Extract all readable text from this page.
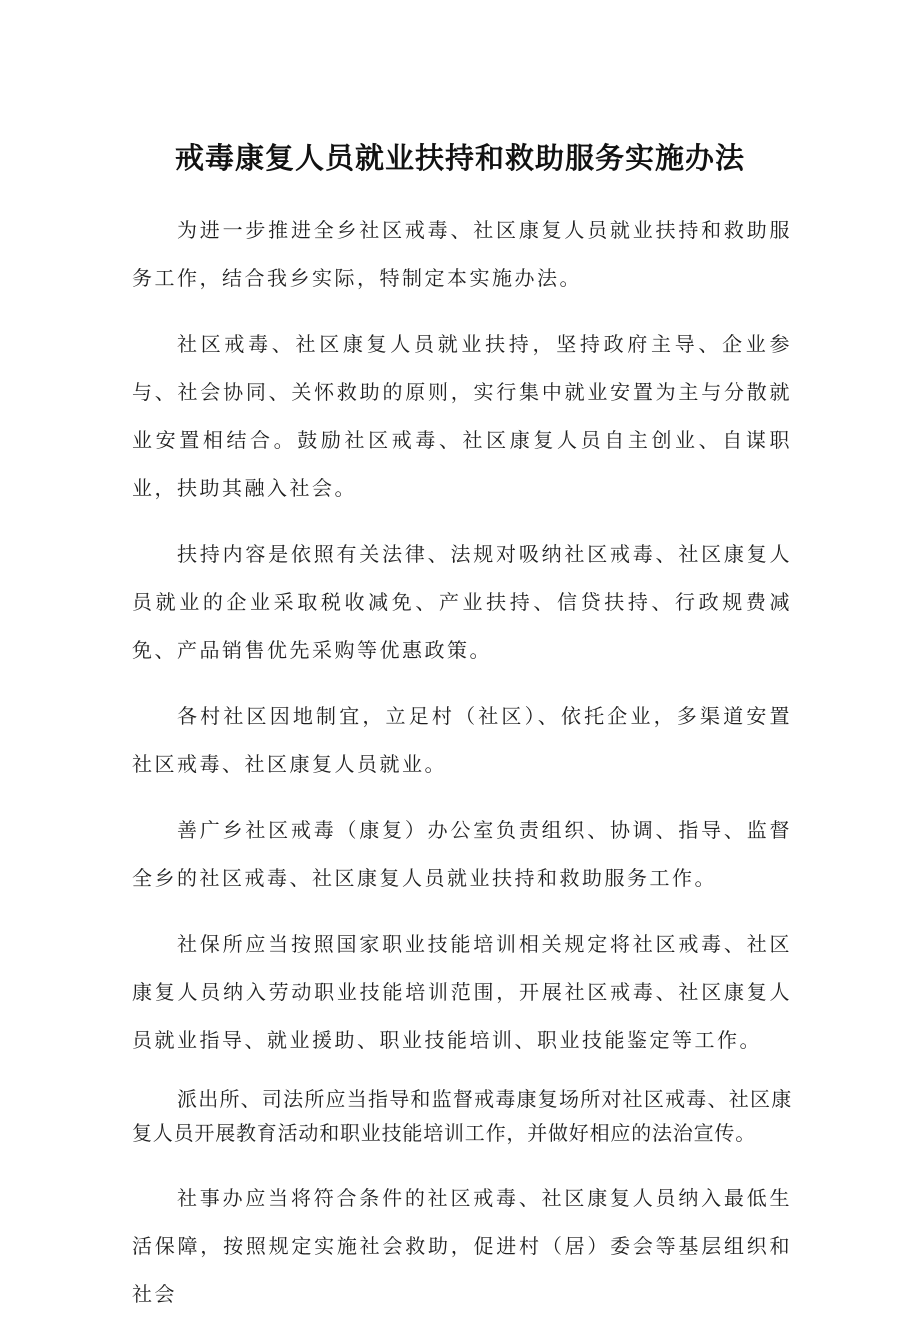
戒毒康复人员就业扶持和救助服务实施办法

为进一步推进全乡社区戒毒、社区康复人员就业扶持和救助服务工作，结合我乡实际，特制定本实施办法。

社区戒毒、社区康复人员就业扶持，坚持政府主导、企业参与、社会协同、关怀救助的原则，实行集中就业安置为主与分散就业安置相结合。鼓励社区戒毒、社区康复人员自主创业、自谋职业，扶助其融入社会。

扶持内容是依照有关法律、法规对吸纳社区戒毒、社区康复人员就业的企业采取税收减免、产业扶持、信贷扶持、行政规费减免、产品销售优先采购等优惠政策。

各村社区因地制宜，立足村（社区）、依托企业，多渠道安置社区戒毒、社区康复人员就业。

善广乡社区戒毒（康复）办公室负责组织、协调、指导、监督全乡的社区戒毒、社区康复人员就业扶持和救助服务工作。

社保所应当按照国家职业技能培训相关规定将社区戒毒、社区康复人员纳入劳动职业技能培训范围，开展社区戒毒、社区康复人员就业指导、就业援助、职业技能培训、职业技能鉴定等工作。

派出所、司法所应当指导和监督戒毒康复场所对社区戒毒、社区康复人员开展教育活动和职业技能培训工作，并做好相应的法治宣传。

社事办应当将符合条件的社区戒毒、社区康复人员纳入最低生活保障，按照规定实施社会救助，促进村（居）委会等基层组织和社会
